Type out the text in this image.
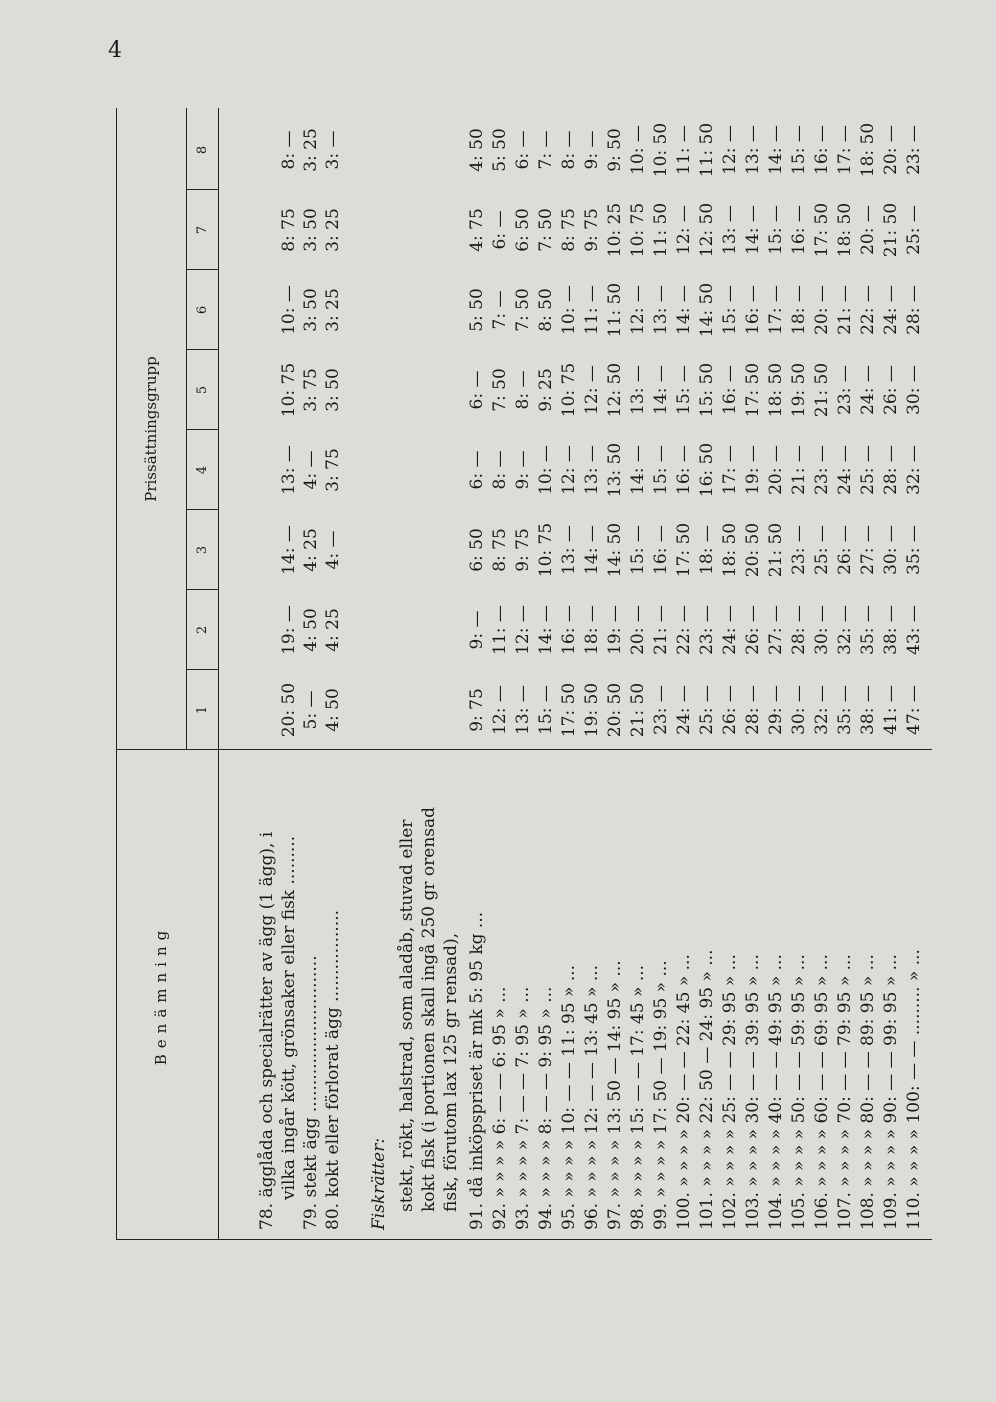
4
Benämning
Prissättningsgrupp
1
2
3
4
5
6
7
8
78. ägglåda och specialrätter av ägg (1 ägg), i vilka ingår kött, grönsaker eller fisk .........
20: 50
19: —
14: —
13: —
10: 75
10: —
8: 75
8: —
5: —
4: 50
4: 25
4: —
3: 75
3: 50
3: 50
3: 25
4: 50
4: 25
4: —
3: 75
3: 50
3: 25
3: 25
3: —
79. stekt ägg ............................. 80. kokt eller förlorat ägg ................. Fiskrätter: stekt, rökt, halstrad, som aladåb, stuvad eller kokt fisk (i portionen skall ingå 250 gr orensad fisk, förutom lax 125 gr rensad), 91. då inköpspriset är mk 5: 95 kg ...
9: 75
9: —
6: 50
6: —
6: —
5: 50
4: 75
4: 50
92. » » » » 6: — — 6: 95 » ...
12: —
11: —
8: 75
8: —
7: 50
7: —
6: —
5: 50
93. » » » » 7: — — 7: 95 » ...
13: —
12: —
9: 75
9: —
8: —
7: 50
6: 50
6: —
94. » » » » 8: — — 9: 95 » ...
15: —
14: —
10: 75
10: —
9: 25
8: 50
7: 50
7: —
95. » » » » 10: — — 11: 95 » ...
17: 50
16: —
13: —
12: —
10: 75
10: —
8: 75
8: —
96. » » » » 12: — — 13: 45 » ...
19: 50
18: —
14: —
13: —
12: —
11: —
9: 75
9: —
97. » » » » 13: 50 — 14: 95 » ...
20: 50
19: —
14: 50
13: 50
12: 50
11: 50
10: 25
9: 50
98. » » » » 15: — — 17: 45 » ...
21: 50
20: —
15: —
14: —
13: —
12: —
10: 75
10: —
99. » » » » 17: 50 — 19: 95 » ...
23: —
21: —
16: —
15: —
14: —
13: —
11: 50
10: 50
100. » » » » 20: — — 22: 45 » ...
24: —
22: —
17: 50
16: —
15: —
14: —
12: —
11: —
101. » » » » 22: 50 — 24: 95 » ...
25: —
23: —
18: —
16: 50
15: 50
14: 50
12: 50
11: 50
102. » » » » 25: — — 29: 95 » ...
26: —
24: —
18: 50
17: —
16: —
15: —
13: —
12: —
103. » » » » 30: — — 39: 95 » ...
28: —
26: —
20: 50
19: —
17: 50
16: —
14: —
13: —
104. » » » » 40: — — 49: 95 » ...
29: —
27: —
21: 50
20: —
18: 50
17: —
15: —
14: —
105. » » » » 50: — — 59: 95 » ...
30: —
28: —
23: —
21: —
19: 50
18: —
16: —
15: —
106. » » » » 60: — — 69: 95 » ...
32: —
30: —
25: —
23: —
21: 50
20: —
17: 50
16: —
107. » » » » 70: — — 79: 95 » ...
35: —
32: —
26: —
24: —
23: —
21: —
18: 50
17: —
108. » » » » 80: — — 89: 95 » ...
38: —
35: —
27: —
25: —
24: —
22: —
20: —
18: 50
109. » » » » 90: — — 99: 95 » ...
41: —
38: —
30: —
28: —
26: —
24: —
21: 50
20: —
110. » » » » 100: — — ......... » ...
47: —
43: —
35: —
32: —
30: —
28: —
25: —
23: —
